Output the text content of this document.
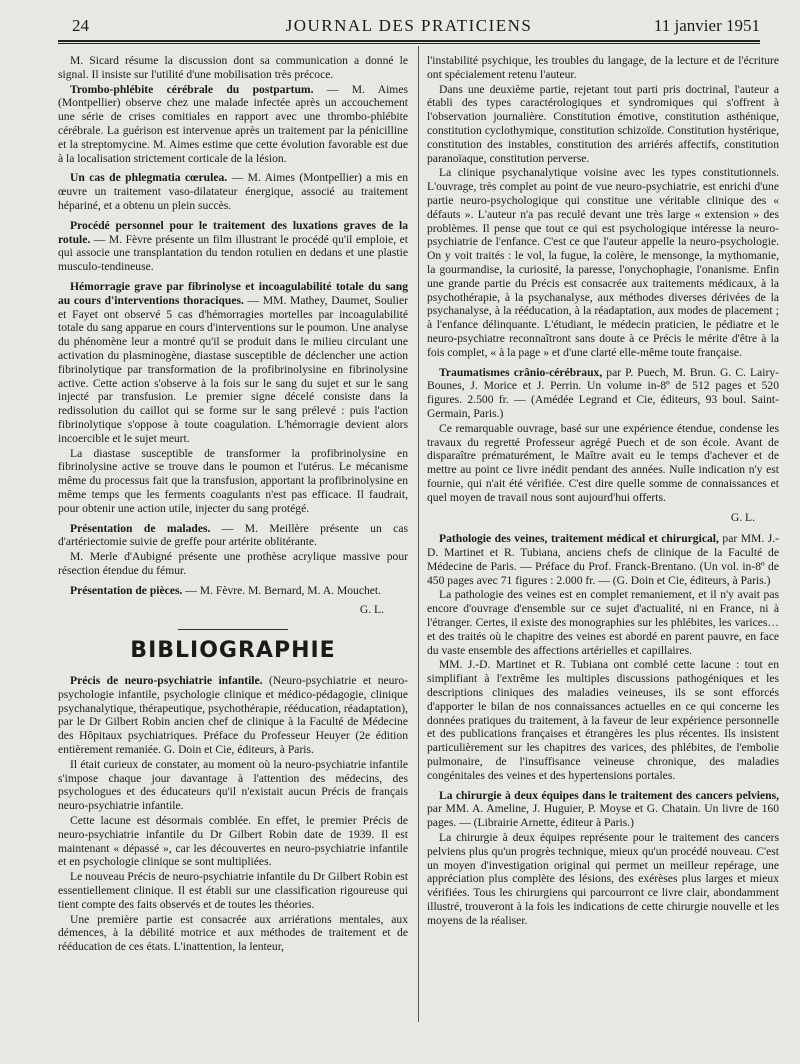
24	JOURNAL DES PRATICIENS	11 janvier 1951

M. Sicard résume la discussion dont sa communication a donné le signal. Il insiste sur l'utilité d'une mobilisation très précoce.

Trombo-phlébite cérébrale du postpartum. — M. Aimes (Montpellier) observe chez une malade infectée après un accouchement une série de crises comitiales en rapport avec une thrombo-phlébite cérébrale. La guérison est intervenue après un traitement par la pénicilline et la streptomycine. M. Aimes estime que cette évolution favorable est due à la localisation strictement corticale de la lésion.

Un cas de phlegmatia cœrulea. — M. Aimes (Montpellier) a mis en œuvre un traitement vaso-dilatateur énergique, associé au traitement hépariné, et a obtenu un plein succès.

Procédé personnel pour le traitement des luxations graves de la rotule. — M. Fèvre présente un film illustrant le procédé qu'il emploie, et qui associe une transplantation du tendon rotulien en dedans et une plastie musculo-tendineuse.

Hémorragie grave par fibrinolyse et incoagulabilité totale du sang au cours d'interventions thoraciques. — MM. Mathey, Daumet, Soulier et Fayet ont observé 5 cas d'hémorragies mortelles par incoagulabilité totale du sang apparue en cours d'interventions sur le poumon. Une analyse du phénomène leur a montré qu'il se produit dans le milieu circulant une activation du plasminogène, diastase susceptible de déclencher une action fibrinolytique par transformation de la profibrinolysine en fibrinolysine active. Cette action s'observe à la fois sur le sang du sujet et sur le sang injecté par transfusion. Le premier signe décelé consiste dans la redissolution du caillot qui se forme sur le sang prélevé : puis l'action fibrinolytique s'oppose à toute coagulation. L'hémorragie devient alors incoercible et le sujet meurt.

La diastase susceptible de transformer la profibrinolysine en fibrinolysine active se trouve dans le poumon et l'utérus. Le mécanisme même du processus fait que la transfusion, apportant la profibrinolysine en même temps que les ferments coagulants n'est pas efficace. Il faudrait, pour obtenir une action utile, injecter du sang protégé.

Présentation de malades. — M. Meillère présente un cas d'artériectomie suivie de greffe pour artérite oblitérante.

M. Merle d'Aubigné présente une prothèse acrylique massive pour résection étendue du fémur.

Présentation de pièces. — M. Fèvre. M. Bernard, M. A. Mouchet.

G. L.
BIBLIOGRAPHIE

Précis de neuro-psychiatrie infantile. (Neuro-psychiatrie et neuro-psychologie infantile, psychologie clinique et médico-pédagogie, clinique psychanalytique, thérapeutique, psychothérapie, rééducation, réadaptation), par le Dr Gilbert Robin ancien chef de clinique à la Faculté de Médecine des Hôpitaux psychiatriques. Préface du Professeur Heuyer (2e édition entièrement remaniée. G. Doin et Cie, éditeurs, à Paris.

Il était curieux de constater, au moment où la neuro-psychiatrie infantile s'impose chaque jour davantage à l'attention des médecins, des psychologues et des éducateurs qu'il n'existait aucun Précis de français neuro-psychiatrie infantile.

Cette lacune est désormais comblée. En effet, le premier Précis de neuro-psychiatrie infantile du Dr Gilbert Robin date de 1939. Il est maintenant « dépassé », car les découvertes en neuro-psychiatrie infantile et en psychologie clinique se sont multipliées.

Le nouveau Précis de neuro-psychiatrie infantile du Dr Gilbert Robin est essentiellement clinique. Il est établi sur une classification rigoureuse qui tient compte des faits observés et de toutes les théories.

Une première partie est consacrée aux arriérations mentales, aux démences, à la débilité motrice et aux méthodes de traitement et de rééducation de ces états. L'inattention, la lenteur,

l'instabilité psychique, les troubles du langage, de la lecture et de l'écriture ont spécialement retenu l'auteur.

Dans une deuxième partie, rejetant tout parti pris doctrinal, l'auteur a établi des types caractérologiques et syndromiques qui s'offrent à l'observation journalière. Constitution émotive, constitution asthénique, constitution cyclothymique, constitution schizoïde. Constitution hystérique, constitution des instables, constitution des arriérés affectifs, constitution paranoïaque, constitution perverse.

La clinique psychanalytique voisine avec les types constitutionnels. L'ouvrage, très complet au point de vue neuro-psychiatrie, est enrichi d'une partie neuro-psychologique qui constitue une véritable clinique des « défauts ». L'auteur n'a pas reculé devant une très large « extension » des problèmes. Il pense que tout ce qui est psychologique intéresse la neuro-psychiatrie de l'enfance. C'est ce que l'auteur appelle la neuro-psychologie. On y voit traités : le vol, la fugue, la colère, le mensonge, la mythomanie, la gourmandise, la curiosité, la paresse, l'onychophagie, l'onanisme. Enfin une grande partie du Précis est consacrée aux traitements médicaux, à la psychothérapie, à la psychanalyse, aux méthodes diverses dérivées de la psychanalyse, à la rééducation, à la réadaptation, aux modes de placement ; à l'enfance délinquante. L'étudiant, le médecin praticien, le pédiatre et le neuro-psychiatre reconnaîtront sans doute à ce Précis le mérite d'être à la fois complet, « à la page » et d'une clarté elle-même toute française.

Traumatismes crânio-cérébraux, par P. Puech, M. Brun. G. C. Lairy-Bounes, J. Morice et J. Perrin. Un volume in-8º de 512 pages et 520 figures. 2.500 fr. — (Amédée Legrand et Cie, éditeurs, 93 boul. Saint-Germain, Paris.)

Ce remarquable ouvrage, basé sur une expérience étendue, condense les travaux du regretté Professeur agrégé Puech et de son école. Avant de disparaître prématurément, le Maître avait eu le temps d'achever et de mettre au point ce livre inédit pendant des années. Nulle indication n'y est fournie, qui n'ait été vérifiée. C'est dire quelle somme de connaissances et quel moyen de travail nous sont aujourd'hui offerts.

G. L.

Pathologie des veines, traitement médical et chirurgical, par MM. J.-D. Martinet et R. Tubiana, anciens chefs de clinique de la Faculté de Médecine de Paris. — Préface du Prof. Franck-Brentano. (Un vol. in-8º de 450 pages avec 71 figures : 2.000 fr. — (G. Doin et Cie, éditeurs, à Paris.)

La pathologie des veines est en complet remaniement, et il n'y avait pas encore d'ouvrage d'ensemble sur ce sujet d'actualité, ni en France, ni à l'étranger. Certes, il existe des monographies sur les phlébites, les varices… et des traités où le chapitre des veines est abordé en parent pauvre, en face du vaste ensemble des affections artérielles et capillaires.

MM. J.-D. Martinet et R. Tubiana ont comblé cette lacune : tout en simplifiant à l'extrême les multiples discussions pathogéniques et les descriptions cliniques des maladies veineuses, ils se sont efforcés d'apporter le bilan de nos connaissances actuelles en ce qui concerne les données pratiques du traitement, à la faveur de leur expérience personnelle et des publications françaises et étrangères les plus récentes. Ils insistent particulièrement sur les chapitres des varices, des phlébites, de l'embolie pulmonaire, de l'insuffisance veineuse chronique, des maladies congénitales des veines et des hypertensions portales.

La chirurgie à deux équipes dans le traitement des cancers pelviens, par MM. A. Ameline, J. Huguier, P. Moyse et G. Chatain. Un livre de 160 pages. — (Librairie Arnette, éditeur à Paris.)

La chirurgie à deux équipes représente pour le traitement des cancers pelviens plus qu'un progrès technique, mieux qu'un procédé nouveau. C'est un moyen d'investigation original qui permet un meilleur repérage, une appréciation plus complète des lésions, des exérèses plus larges et mieux vérifiées. Tous les chirurgiens qui parcourront ce livre clair, abondamment illustré, trouveront à la fois les indications de cette chirurgie nouvelle et les moyens de la réaliser.
